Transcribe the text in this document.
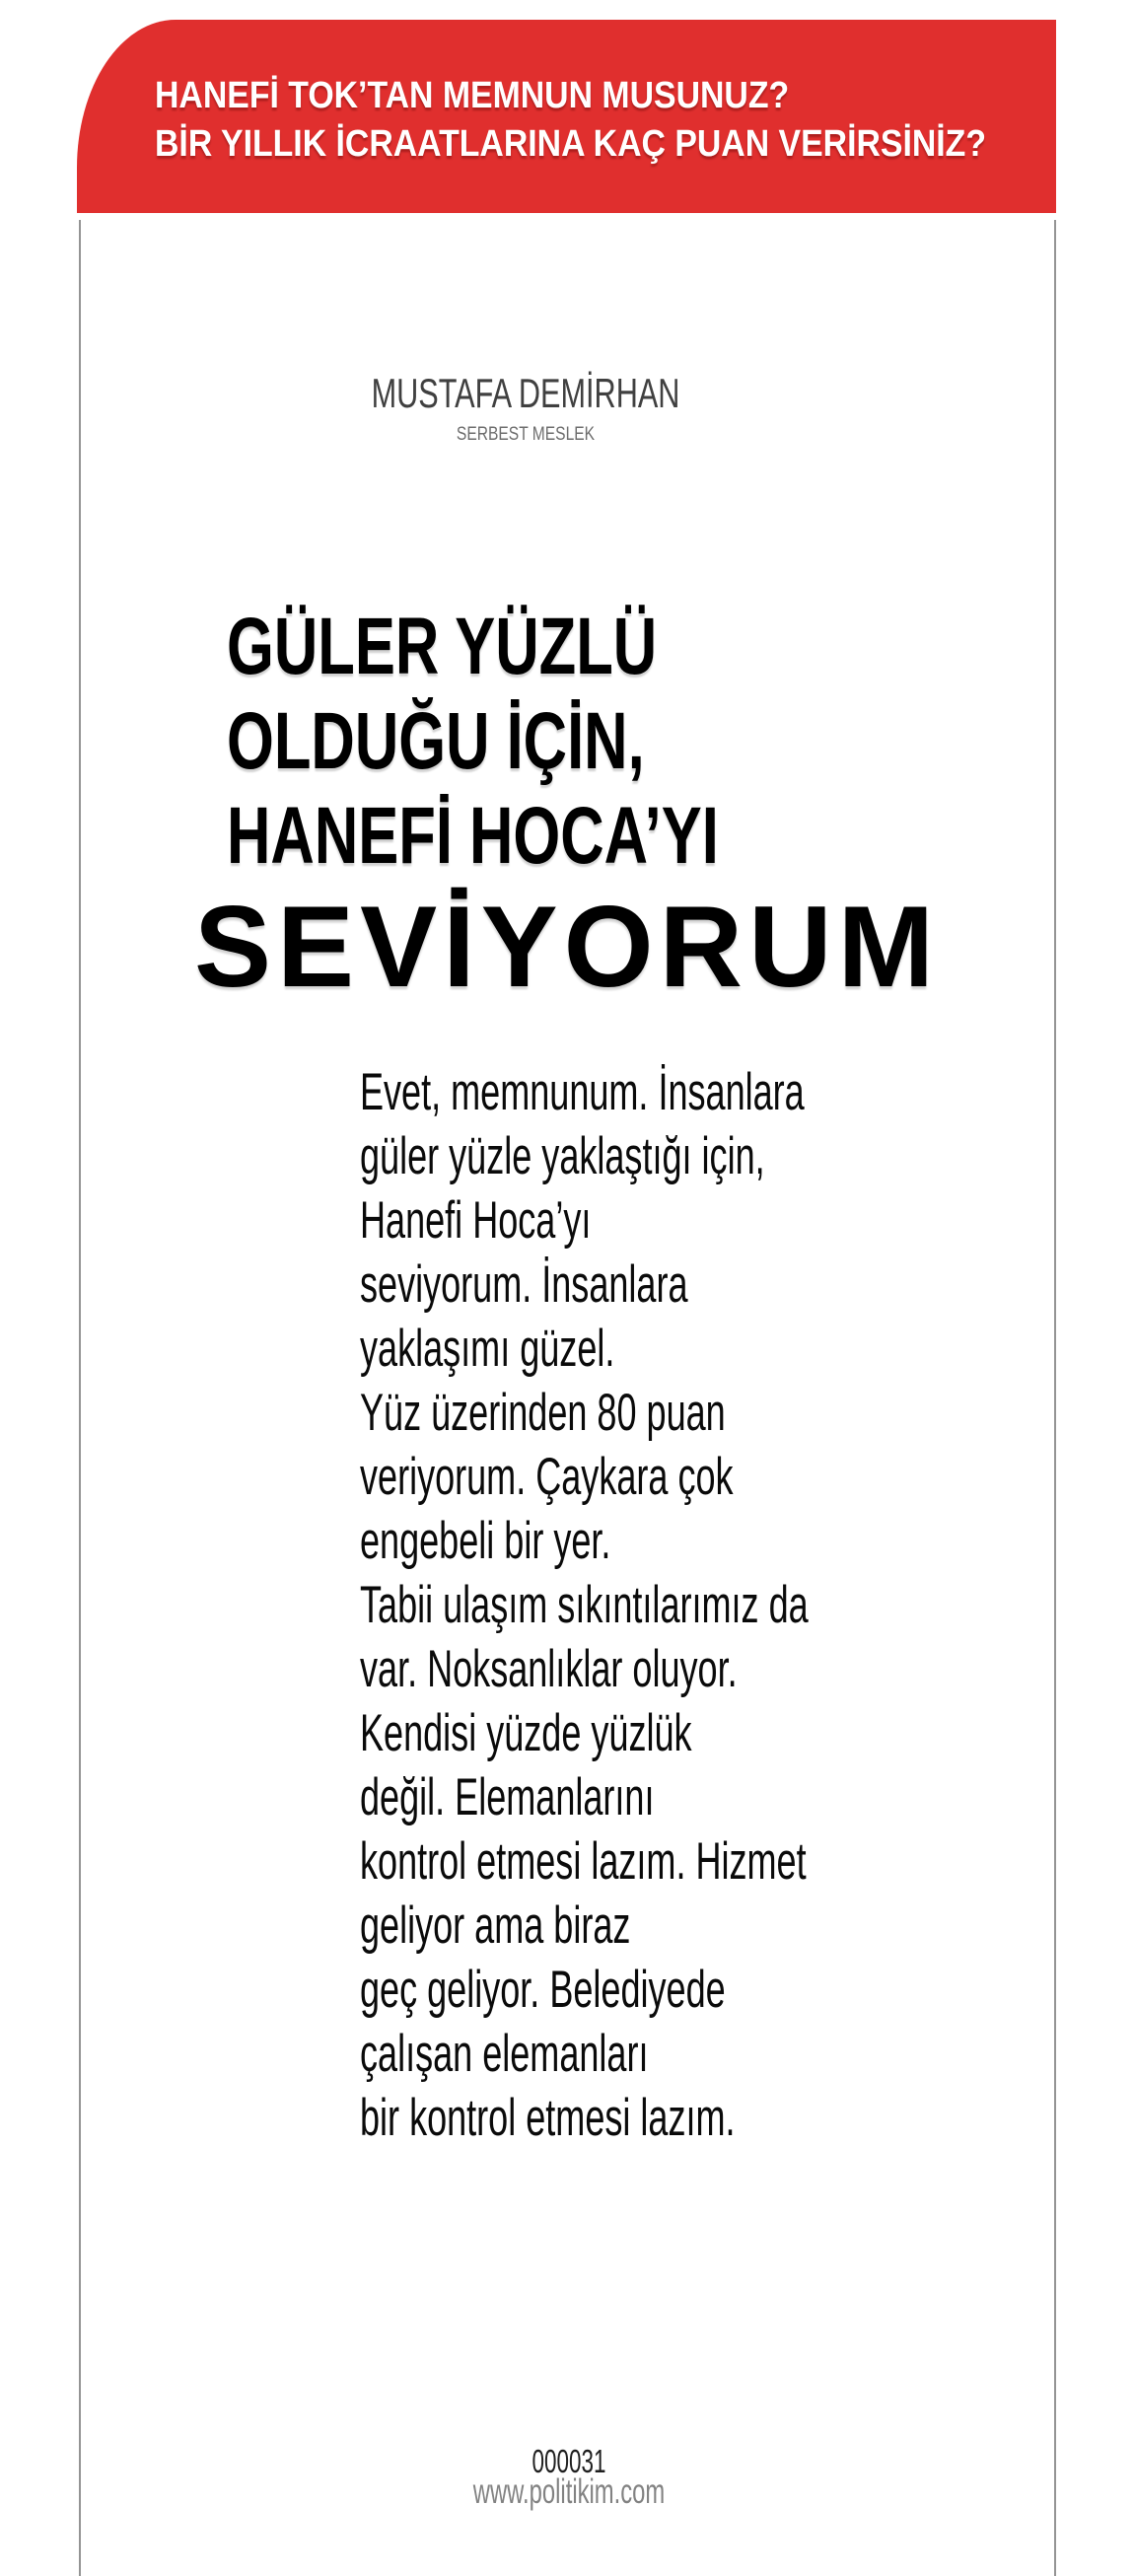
HANEFİ TOK’TAN MEMNUN MUSUNUZ?
BİR YILLIK İCRAATLARINA KAÇ PUAN VERİRSİNİZ?
MUSTAFA DEMİRHAN
SERBEST MESLEK
GÜLER YÜZLÜ
OLDUĞU İÇİN,
HANEFİ HOCA’YI
SEVİYORUM
Evet, memnunum. İnsanlara
güler yüzle yaklaştığı için,
Hanefi Hoca’yı
seviyorum. İnsanlara
yaklaşımı güzel.
Yüz üzerinden 80 puan
veriyorum. Çaykara çok
engebeli bir yer.
Tabii ulaşım sıkıntılarımız da
var. Noksanlıklar oluyor.
Kendisi yüzde yüzlük
değil. Elemanlarını
kontrol etmesi lazım. Hizmet
geliyor ama biraz
geç geliyor. Belediyede
çalışan elemanları
bir kontrol etmesi lazım.
000031
www.politikim.com
